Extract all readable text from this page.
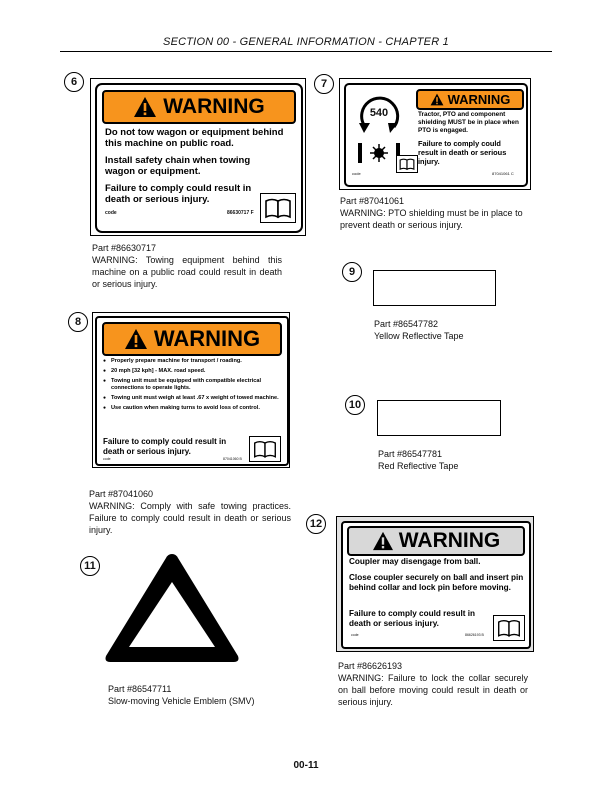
SECTION 00 - GENERAL INFORMATION - CHAPTER 1
6
WARNING
Do not tow wagon or equipment behind this machine on public road.
Install safety chain when towing wagon or equipment.
Failure to comply could result in death or serious injury.
code	86630717 F
Part #86630717
WARNING: Towing equipment behind this machine on a public road could result in death or serious injury.
7
540
WARNING
Tractor, PTO and component shielding MUST be in place when PTO is engaged.
Failure to comply could result in death or serious injury.
code	87041061 C
Part #87041061
WARNING: PTO shielding must be in place to prevent death or serious injury.
8
WARNING
● Properly prepare machine for transport / roading.
● 20 mph [32 kph] - MAX. road speed.
● Towing unit must be equipped with compatible electrical connections to operate lights.
● Towing unit must weigh at least .67 x weight of towed machine.
● Use caution when making turns to avoid loss of control.
Failure to comply could result in death or serious injury.
code	87041060 B
Part #87041060
WARNING: Comply with safe towing practices. Failure to comply could result in death or serious injury.
9
Part #86547782
Yellow Reflective Tape
10
Part #86547781
Red Reflective Tape
11
Part #86547711
Slow-moving Vehicle Emblem (SMV)
12
WARNING
Coupler may disengage from ball.
Close coupler securely on ball and insert pin behind collar and lock pin before moving.
Failure to comply could result in death or serious injury.
code	86626193 B
Part #86626193
WARNING: Failure to lock the collar securely on ball before moving could result in death or serious injury.
00-11
